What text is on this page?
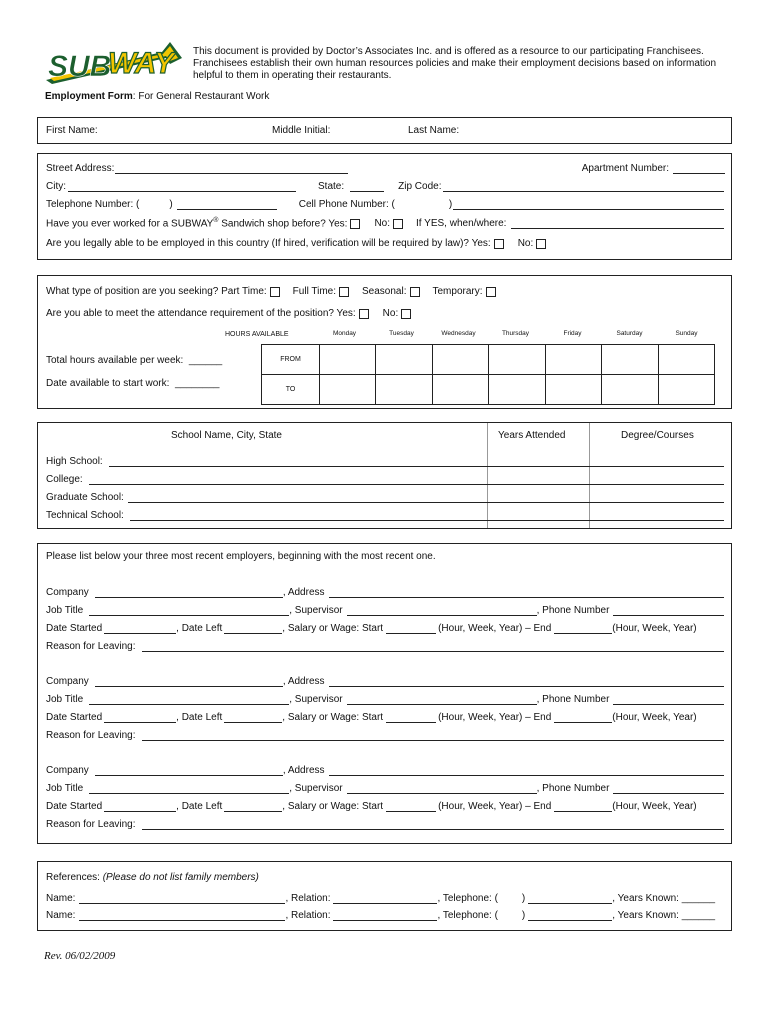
SUB
WAY This document is provided by Doctor’s Associates Inc. and is offered as a resource to our participating Franchisees. Franchisees establish their own human resources policies and make their employment decisions based on information helpful to them in operating their restaurants.
Employment Form: For General Restaurant Work
First Name:	Middle Initial:	Last Name:
Street Address:	Apartment Number:
City:	State:	Zip Code:
Telephone Number: (	)	Cell Phone Number: (	)
Have you ever worked for a SUBWAY® Sandwich shop before? Yes:	No:	If YES, when/where:
Are you legally able to be employed in this country (If hired, verification will be required by law)? Yes:	No:
What type of position are you seeking? Part Time:	Full Time:	Seasonal:	Temporary:
Are you able to meet the attendance requirement of the position? Yes:	No:
HOURS AVAILABLE	Monday	Tuesday	Wednesday	Thursday	Friday	Saturday	Sunday
FROM							
TO							
Total hours available per week:  ______
Date available to start work:  ________
School Name, City, State	Years Attended	Degree/Courses
High School:
College:
Graduate School:
Technical School:
Please list below your three most recent employers, beginning with the most recent one.
Company	, Address
Job Title	, Supervisor	, Phone Number
Date Started	, Date Left	, Salary or Wage: Start	(Hour, Week, Year) – End	(Hour, Week, Year)
Reason for Leaving:
Company	, Address
Job Title	, Supervisor	, Phone Number
Date Started	, Date Left	, Salary or Wage: Start	(Hour, Week, Year) – End	(Hour, Week, Year)
Reason for Leaving:
Company	, Address
Job Title	, Supervisor	, Phone Number
Date Started	, Date Left	, Salary or Wage: Start	(Hour, Week, Year) – End	(Hour, Week, Year)
Reason for Leaving:
References: (Please do not list family members)
Name:	, Relation:	, Telephone: ( )	, Years Known: ______
Name:	, Relation:	, Telephone: ( )	, Years Known: ______
Rev. 06/02/2009
